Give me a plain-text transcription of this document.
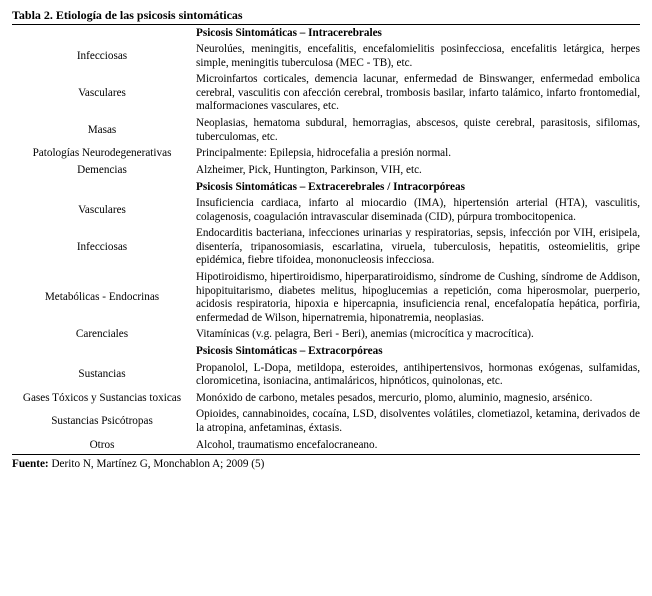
Tabla 2. Etiología de las psicosis sintomáticas
	Psicosis Sintomáticas – Intracerebrales
Infecciosas	Neurolúes, meningitis, encefalitis, encefalomielitis posinfecciosa, encefalitis letárgica, herpes simple, meningitis tuberculosa (MEC - TB), etc.
Vasculares	Microinfartos corticales, demencia lacunar, enfermedad de Binswanger, enfermedad embolica cerebral, vasculitis con afección cerebral, trombosis basilar, infarto talámico, infarto frontomedial, malformaciones vasculares, etc.
Masas	Neoplasias, hematoma subdural, hemorragias, abscesos, quiste cerebral, parasitosis, sifilomas, tuberculomas, etc.
Patologías Neurodegenerativas	Principalmente: Epilepsia, hidrocefalia a presión normal.
Demencias	Alzheimer, Pick, Huntington, Parkinson, VIH, etc.
	Psicosis Sintomáticas – Extracerebrales / Intracorpóreas
Vasculares	Insuficiencia cardiaca, infarto al miocardio (IMA), hipertensión arterial (HTA), vasculitis, colagenosis, coagulación intravascular diseminada (CID), púrpura trombocitopenica.
Infecciosas	Endocarditis bacteriana, infecciones urinarias y respiratorias, sepsis, infección por VIH, erisipela, disentería, tripanosomiasis, escarlatina, viruela, tuberculosis, hepatitis, osteomielitis, gripe epidémica, fiebre tifoidea, mononucleosis infecciosa.
Metabólicas - Endocrinas	Hipotiroidismo, hipertiroidismo, hiperparatiroidismo, síndrome de Cushing, síndrome de Addison, hipopituitarismo, diabetes melitus, hipoglucemias a repetición, coma hiperosmolar, puerperio, acidosis respiratoria, hipoxia e hipercapnia, insuficiencia renal, encefalopatía hepática, porfiria, enfermedad de Wilson, hipernatremia, hiponatremia, neoplasias.
Carenciales	Vitamínicas (v.g. pelagra, Beri - Beri), anemias (microcítica y macrocítica).
	Psicosis Sintomáticas – Extracorpóreas
Sustancias	Propanolol, L-Dopa, metildopa, esteroides, antihipertensivos, hormonas exógenas, sulfamidas, cloromicetina, isoniacina, antimaláricos, hipnóticos, quinolonas, etc.
Gases Tóxicos y Sustancias toxicas	Monóxido de carbono, metales pesados, mercurio, plomo, aluminio, magnesio, arsénico.
Sustancias Psicótropas	Opioides, cannabinoides, cocaína, LSD, disolventes volátiles, clometiazol, ketamina, derivados de la atropina, anfetaminas, éxtasis.
Otros	Alcohol, traumatismo encefalocraneano.
Fuente: Derito N, Martínez G, Monchablon A; 2009 (5)
